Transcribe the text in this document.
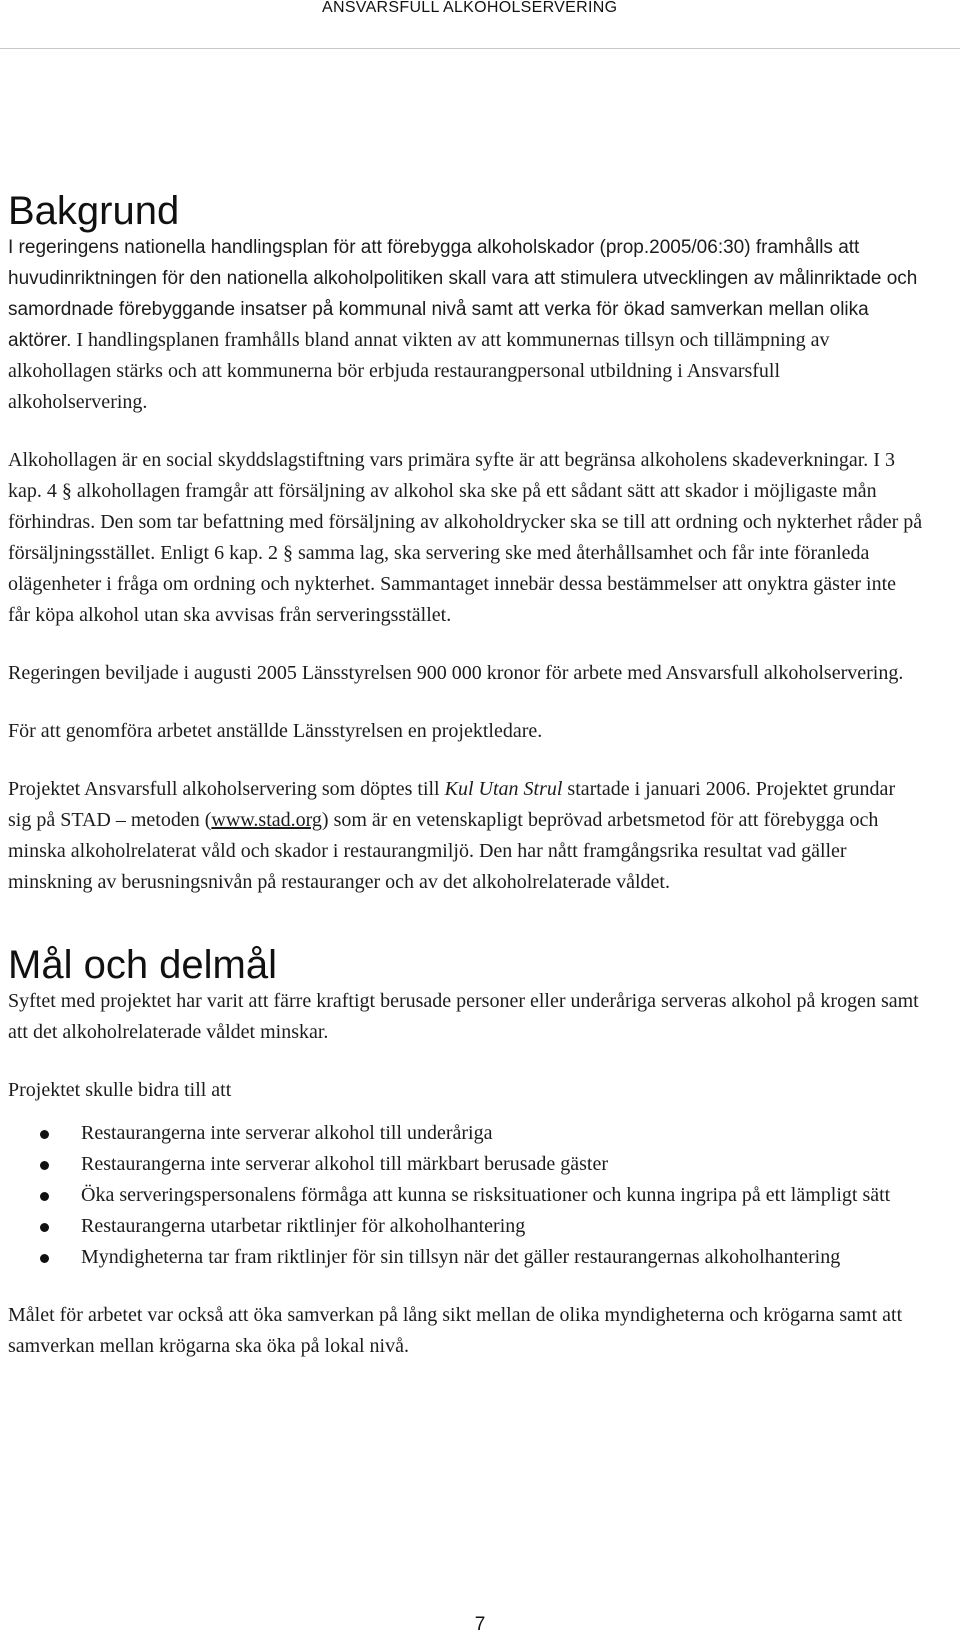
ANSVARSFULL ALKOHOLSERVERING
Bakgrund

I regeringens nationella handlingsplan för att förebygga alkoholskador (prop.2005/06:30) framhålls att huvudinriktningen för den nationella alkoholpolitiken skall vara att stimulera utvecklingen av målinriktade och samordnade förebyggande insatser på kommunal nivå samt att verka för ökad samverkan mellan olika aktörer. I handlingsplanen framhålls bland annat vikten av att kommunernas tillsyn och tillämpning av alkohollagen stärks och att kommunerna bör erbjuda restaurangpersonal utbildning i Ansvarsfull alkoholservering.

Alkohollagen är en social skyddslagstiftning vars primära syfte är att begränsa alkoholens skadeverkningar. I 3 kap. 4 § alkohollagen framgår att försäljning av alkohol ska ske på ett sådant sätt att skador i möjligaste mån förhindras. Den som tar befattning med försäljning av alkoholdrycker ska se till att ordning och nykterhet råder på försäljningsstället. Enligt 6 kap. 2 § samma lag, ska servering ske med återhållsamhet och får inte föranleda olägenheter i fråga om ordning och nykterhet. Sammantaget innebär dessa bestämmelser att onyktra gäster inte får köpa alkohol utan ska avvisas från serveringsstället.

Regeringen beviljade i augusti 2005 Länsstyrelsen 900 000 kronor för arbete med Ansvarsfull alkoholservering.

För att genomföra arbetet anställde Länsstyrelsen en projektledare.

Projektet Ansvarsfull alkoholservering som döptes till Kul Utan Strul startade i januari 2006. Projektet grundar sig på STAD – metoden (www.stad.org) som är en vetenskapligt beprövad arbetsmetod för att förebygga och minska alkoholrelaterat våld och skador i restaurangmiljö. Den har nått framgångsrika resultat vad gäller minskning av berusningsnivån på restauranger och av det alkoholrelaterade våldet.

Mål och delmål

Syftet med projektet har varit att färre kraftigt berusade personer eller underåriga serveras alkohol på krogen samt att det alkoholrelaterade våldet minskar.

Projektet skulle bidra till att

Restaurangerna inte serverar alkohol till underåriga
Restaurangerna inte serverar alkohol till märkbart berusade gäster
Öka serveringspersonalens förmåga att kunna se risksituationer och kunna ingripa på ett lämpligt sätt
Restaurangerna utarbetar riktlinjer för alkoholhantering
Myndigheterna tar fram riktlinjer för sin tillsyn när det gäller restaurangernas alkoholhantering

Målet för arbetet var också att öka samverkan på lång sikt mellan de olika myndigheterna och krögarna samt att samverkan mellan krögarna ska öka på lokal nivå.

7
